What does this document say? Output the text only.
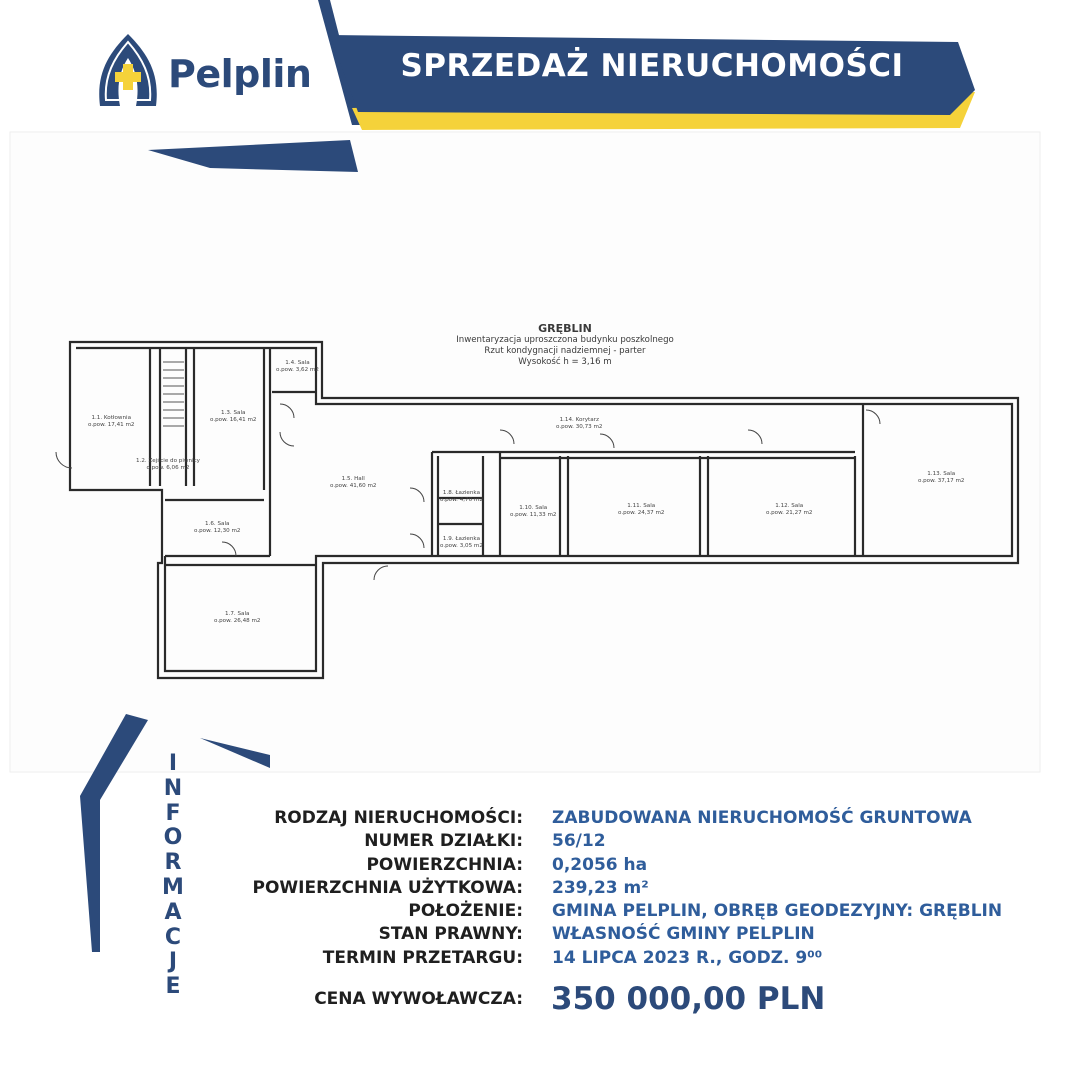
Pelplin	SPRZEDAŻ NIERUCHOMOŚCI
GRĘBLIN
Inwentaryzacja uproszczona budynku poszkolnego
Rzut kondygnacji nadziemnej - parter
Wysokość h = 3,16 m
1.1. Kotłownia
o.pow. 17,41 m2
1.2. Zejście do piwnicy
o.pow. 6,06 m2
1.3. Sala
o.pow. 16,41 m2
1.4. Sala
o.pow. 3,62 m2
1.5. Hall
o.pow. 41,60 m2
1.6. Sala
o.pow. 12,30 m2
1.7. Sala
o.pow. 26,48 m2
1.8. Łazienka
o.pow. 4,70 m2
1.9. Łazienka
o.pow. 3,05 m2
1.10. Sala
o.pow. 11,33 m2
1.11. Sala
o.pow. 24,37 m2
1.12. Sala
o.pow. 21,27 m2
1.13. Sala
o.pow. 37,17 m2
1.14. Korytarz
o.pow. 30,73 m2
I
N
F
O
R
M
A
C
J
E
RODZAJ NIERUCHOMOŚCI: ZABUDOWANA NIERUCHOMOŚĆ GRUNTOWA
NUMER DZIAŁKI: 56/12
POWIERZCHNIA: 0,2056 ha
POWIERZCHNIA UŻYTKOWA: 239,23 m²
POŁOŻENIE: GMINA PELPLIN, OBRĘB GEODEZYJNY: GRĘBLIN
STAN PRAWNY: WŁASNOŚĆ GMINY PELPLIN
TERMIN PRZETARGU: 14 LIPCA 2023 R., GODZ. 9⁰⁰
CENA WYWOŁAWCZA: 350 000,00 PLN
